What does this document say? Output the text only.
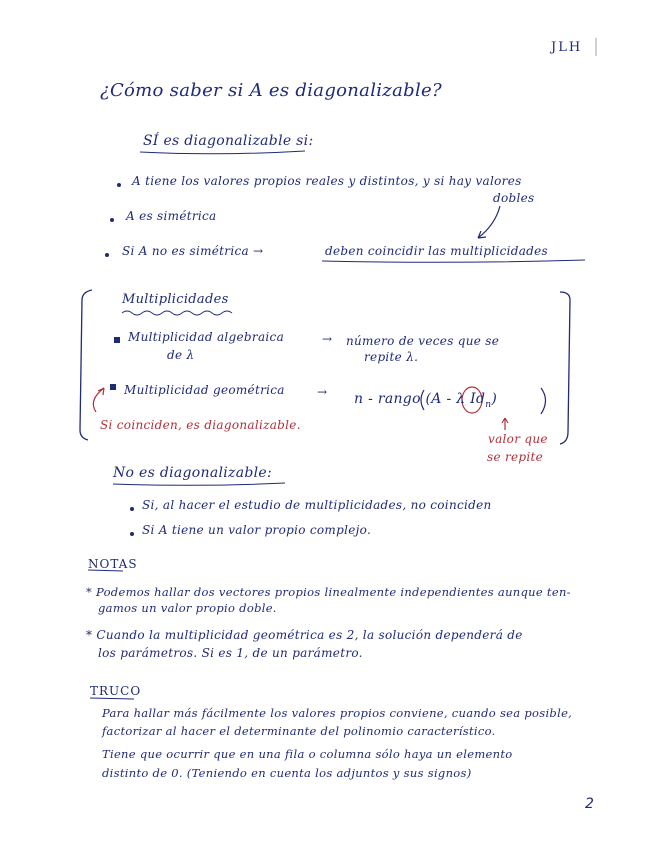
JLH
¿Cómo saber si A es diagonalizable?
SÍ es diagonalizable si:
A tiene los valores propios reales y distintos, y si hay valores
dobles
A es simétrica
Si A no es simétrica →	deben coincidir las multiplicidades
Multiplicidades
Multiplicidad algebraica
de λ
→ número de veces que se
repite λ.
Multiplicidad geométrica	→ n - rango (A - λ $Id_n$)
Si coinciden, es diagonalizable.
valor que
se repite
No es diagonalizable:
Si, al hacer el estudio de multiplicidades, no coinciden
Si A tiene un valor propio complejo.
NOTAS
* Podemos hallar dos vectores propios linealmente independientes aunque ten-
gamos un valor propio doble.
* Cuando la multiplicidad geométrica es 2, la solución dependerá de
los parámetros. Si es 1, de un parámetro.
TRUCO
Para hallar más fácilmente los valores propios conviene, cuando sea posible,
factorizar al hacer el determinante del polinomio característico.
Tiene que ocurrir que en una fila o columna sólo haya un elemento
distinto de 0. (Teniendo en cuenta los adjuntos y sus signos)
2
